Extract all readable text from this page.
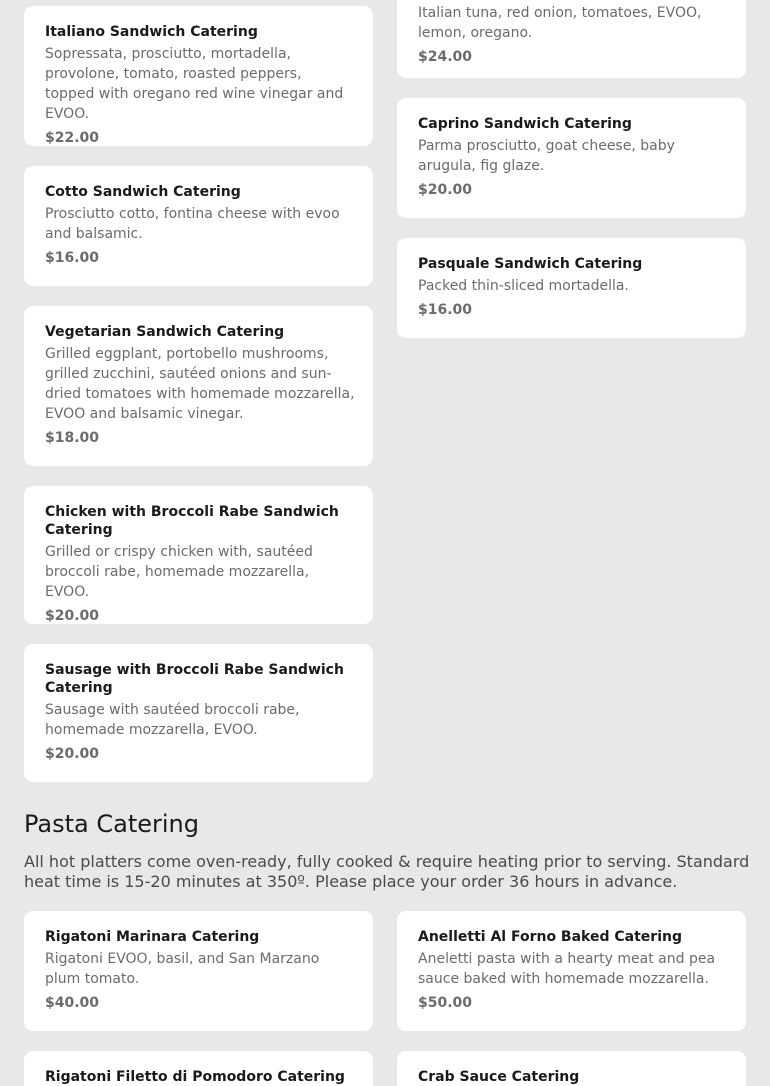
Italiano Sandwich Catering

Sopressata, prosciutto, mortadella, provolone, tomato, roasted peppers, topped with oregano red wine vinegar and EVOO.

$22.00

Cotto Sandwich Catering

Prosciutto cotto, fontina cheese with evoo and balsamic.

$16.00

Vegetarian Sandwich Catering

Grilled eggplant, portobello mushrooms, grilled zucchini, sautéed onions and sun-dried tomatoes with homemade mozzarella, EVOO and balsamic vinegar.

$18.00

Chicken with Broccoli Rabe Sandwich Catering

Grilled or crispy chicken with, sautéed broccoli rabe, homemade mozzarella, EVOO.

$20.00

Sausage with Broccoli Rabe Sandwich Catering

Sausage with sautéed broccoli rabe, homemade mozzarella, EVOO.

$20.00

Italian tuna, red onion, tomatoes, EVOO, lemon, oregano.

$24.00

Caprino Sandwich Catering

Parma prosciutto, goat cheese, baby arugula, fig glaze.

$20.00

Pasquale Sandwich Catering

Packed thin-sliced mortadella.

$16.00

Pasta Catering

All hot platters come oven-ready, fully cooked & require heating prior to serving. Standard heat time is 15-20 minutes at 350º. Please place your order 36 hours in advance.

Rigatoni Marinara Catering

Rigatoni EVOO, basil, and San Marzano plum tomato.

$40.00

Anelletti Al Forno Baked Catering

Aneletti pasta with a hearty meat and pea sauce baked with homemade mozzarella.

$50.00

Rigatoni Filetto di Pomodoro Catering	Crab Sauce Catering
